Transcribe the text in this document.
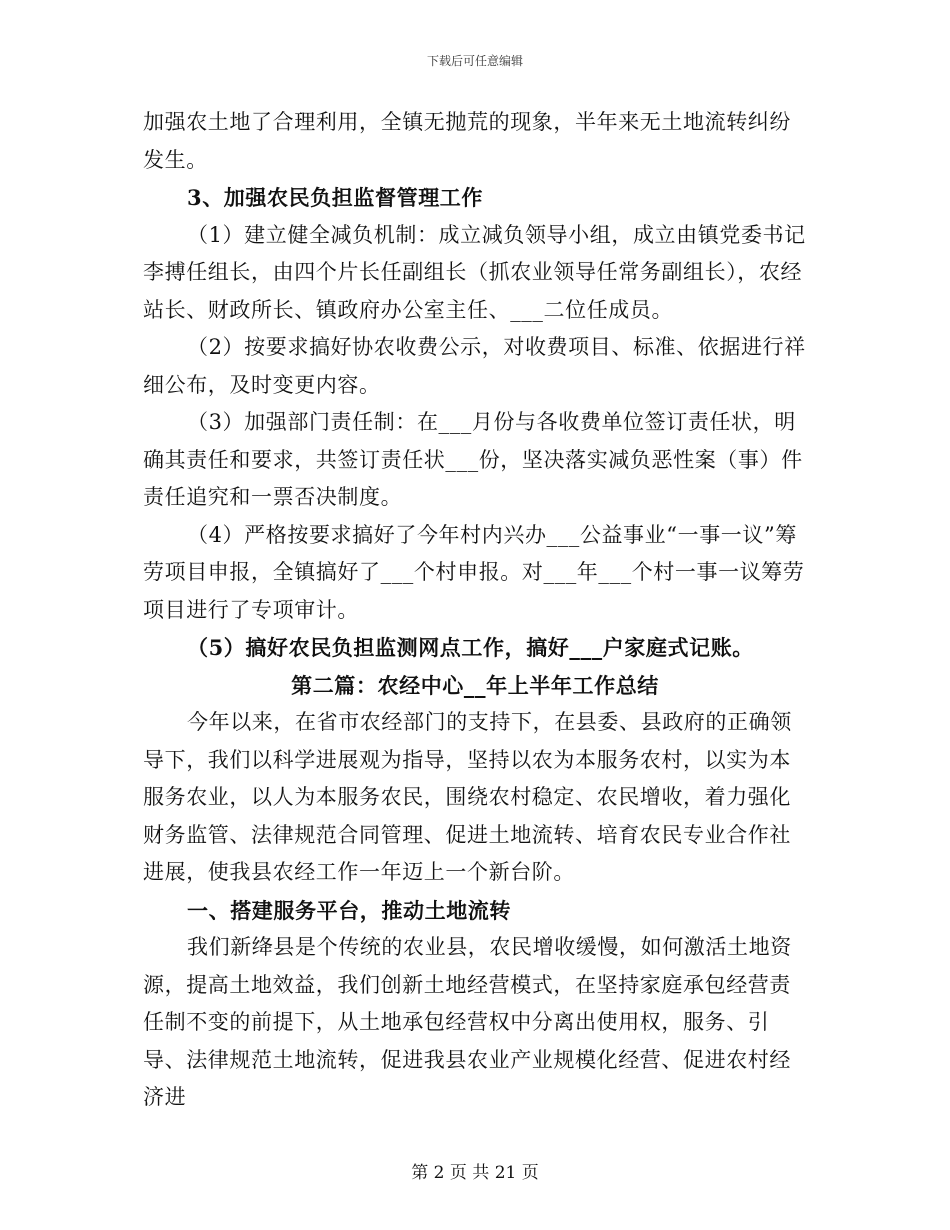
下载后可任意编辑

加强农土地了合理利用，全镇无抛荒的现象，半年来无土地流转纠纷发生。

3、加强农民负担监督管理工作

（1）建立健全减负机制：成立减负领导小组，成立由镇党委书记李搏任组长，由四个片长任副组长（抓农业领导任常务副组长），农经站长、财政所长、镇政府办公室主任、___二位任成员。

（2）按要求搞好协农收费公示，对收费项目、标准、依据进行祥细公布，及时变更内容。

（3）加强部门责任制：在___月份与各收费单位签订责任状，明确其责任和要求，共签订责任状___份，坚决落实减负恶性案（事）件责任追究和一票否决制度。

（4）严格按要求搞好了今年村内兴办___公益事业“一事一议”筹劳项目申报，全镇搞好了___个村申报。对___年___个村一事一议筹劳项目进行了专项审计。

（5）搞好农民负担监测网点工作，搞好___户家庭式记账。

第二篇：农经中心__年上半年工作总结

今年以来，在省市农经部门的支持下，在县委、县政府的正确领导下，我们以科学进展观为指导，坚持以农为本服务农村，以实为本服务农业，以人为本服务农民，围绕农村稳定、农民增收，着力强化财务监管、法律规范合同管理、促进土地流转、培育农民专业合作社进展，使我县农经工作一年迈上一个新台阶。

一、搭建服务平台，推动土地流转

我们新绛县是个传统的农业县，农民增收缓慢，如何激活土地资源，提高土地效益，我们创新土地经营模式，在坚持家庭承包经营责任制不变的前提下，从土地承包经营权中分离出使用权，服务、引导、法律规范土地流转，促进我县农业产业规模化经营、促进农村经济进

第 2 页 共 21 页
